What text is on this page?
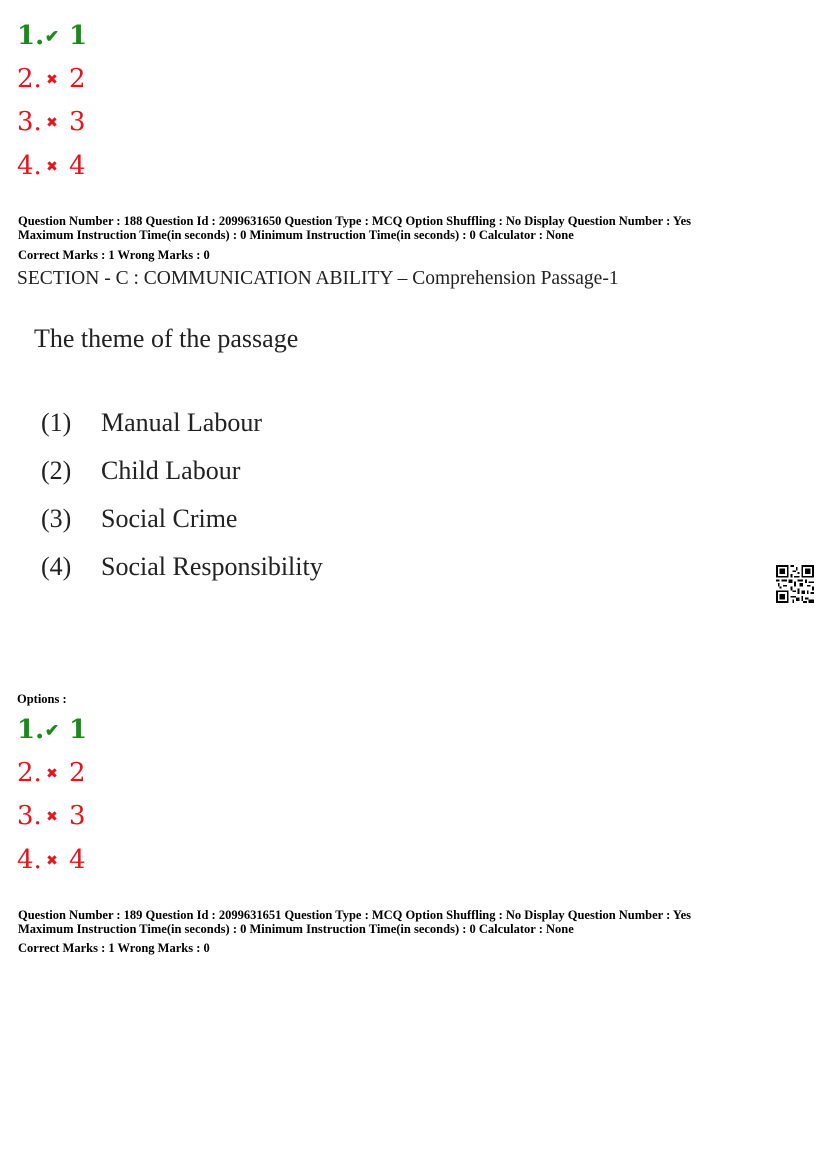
1. ✔ 1
2. ✖ 2
3. ✖ 3
4. ✖ 4
Question Number : 188 Question Id : 2099631650 Question Type : MCQ Option Shuffling : No Display Question Number : Yes
Maximum Instruction Time(in seconds) : 0 Minimum Instruction Time(in seconds) : 0 Calculator : None
Correct Marks : 1 Wrong Marks : 0
SECTION - C : COMMUNICATION ABILITY – Comprehension Passage-1
The theme of the passage
(1) Manual Labour
(2) Child Labour
(3) Social Crime
(4) Social Responsibility
Options :
1. ✔ 1
2. ✖ 2
3. ✖ 3
4. ✖ 4
Question Number : 189 Question Id : 2099631651 Question Type : MCQ Option Shuffling : No Display Question Number : Yes
Maximum Instruction Time(in seconds) : 0 Minimum Instruction Time(in seconds) : 0 Calculator : None
Correct Marks : 1 Wrong Marks : 0
